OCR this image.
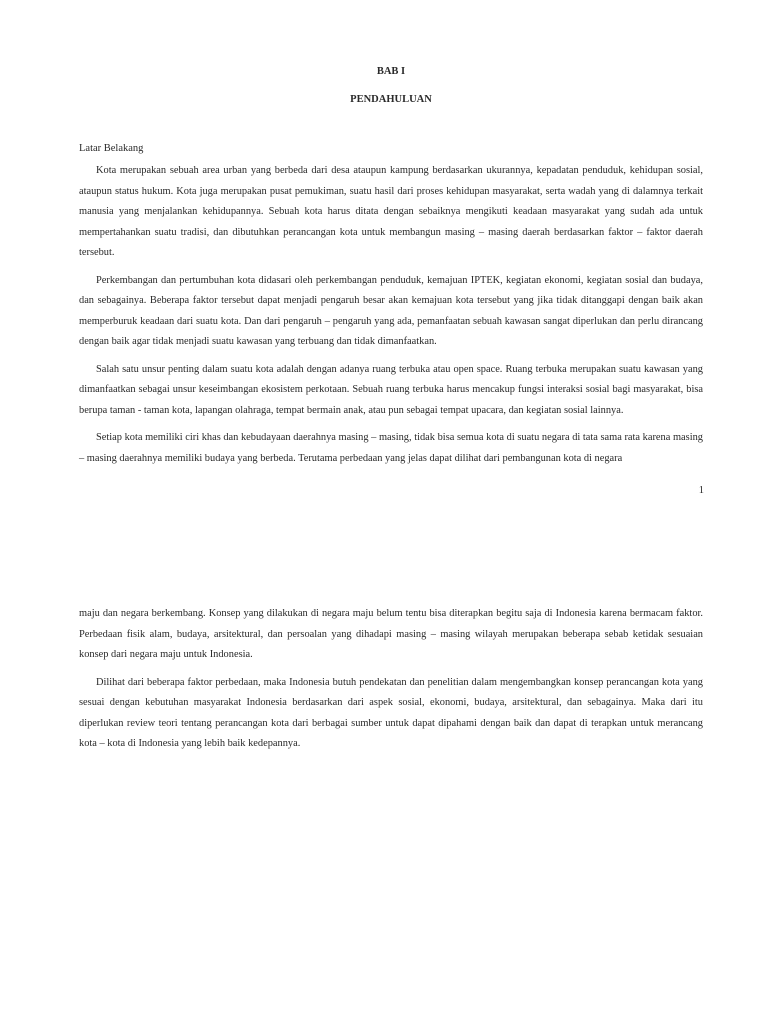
BAB I
PENDAHULUAN
Latar Belakang

Kota merupakan sebuah area urban yang berbeda dari desa ataupun kampung berdasarkan ukurannya, kepadatan penduduk, kehidupan sosial, ataupun status hukum. Kota juga merupakan pusat pemukiman, suatu hasil dari proses kehidupan masyarakat, serta wadah yang di dalamnya terkait manusia yang menjalankan kehidupannya. Sebuah kota harus ditata dengan sebaiknya mengikuti keadaan masyarakat yang sudah ada untuk mempertahankan suatu tradisi, dan dibutuhkan perancangan kota untuk membangun masing – masing daerah berdasarkan faktor – faktor daerah tersebut.

Perkembangan dan pertumbuhan kota didasari oleh perkembangan penduduk, kemajuan IPTEK, kegiatan ekonomi, kegiatan sosial dan budaya, dan sebagainya. Beberapa faktor tersebut dapat menjadi pengaruh besar akan kemajuan kota tersebut yang jika tidak ditanggapi dengan baik akan memperburuk keadaan dari suatu kota. Dan dari pengaruh – pengaruh yang ada, pemanfaatan sebuah kawasan sangat diperlukan dan perlu dirancang dengan baik agar tidak menjadi suatu kawasan yang terbuang dan tidak dimanfaatkan.

Salah satu unsur penting dalam suatu kota adalah dengan adanya ruang terbuka atau open space. Ruang terbuka merupakan suatu kawasan yang dimanfaatkan sebagai unsur keseimbangan ekosistem perkotaan. Sebuah ruang terbuka harus mencakup fungsi interaksi sosial bagi masyarakat, bisa berupa taman - taman kota, lapangan olahraga, tempat bermain anak, atau pun sebagai tempat upacara, dan kegiatan sosial lainnya.

Setiap kota memiliki ciri khas dan kebudayaan daerahnya masing – masing, tidak bisa semua kota di suatu negara di tata sama rata karena masing – masing daerahnya memiliki budaya yang berbeda. Terutama perbedaan yang jelas dapat dilihat dari pembangunan kota di negara

1

maju dan negara berkembang. Konsep yang dilakukan di negara maju belum tentu bisa diterapkan begitu saja di Indonesia karena bermacam faktor. Perbedaan fisik alam, budaya, arsitektural, dan persoalan yang dihadapi masing – masing wilayah merupakan beberapa sebab ketidak sesuaian konsep dari negara maju untuk Indonesia.

Dilihat dari beberapa faktor perbedaan, maka Indonesia butuh pendekatan dan penelitian dalam mengembangkan konsep perancangan kota yang sesuai dengan kebutuhan masyarakat Indonesia berdasarkan dari aspek sosial, ekonomi, budaya, arsitektural, dan sebagainya. Maka dari itu diperlukan review teori tentang perancangan kota dari berbagai sumber untuk dapat dipahami dengan baik dan dapat di terapkan untuk merancang kota – kota di Indonesia yang lebih baik kedepannya.
